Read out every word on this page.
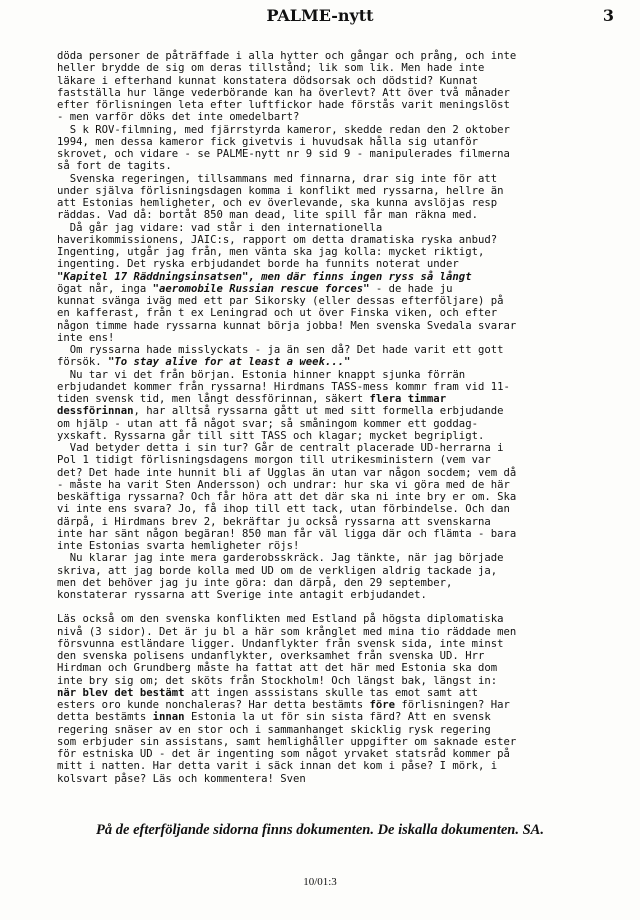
PALME-nytt	3
döda personer de påträffade i alla hytter och gångar och prång, och inte
heller brydde de sig om deras tillstånd; lik som lik. Men hade inte
läkare i efterhand kunnat konstatera dödsorsak och dödstid? Kunnat
fastställa hur länge vederbörande kan ha överlevt? Att över två månader
efter förlisningen leta efter luftfickor hade förstås varit meningslöst
- men varför döks det inte omedelbart?
S k ROV-filmning, med fjärrstyrda kameror, skedde redan den 2 oktober
1994, men dessa kameror fick givetvis i huvudsak hålla sig utanför
skrovet, och vidare - se PALME-nytt nr 9 sid 9 - manipulerades filmerna
så fort de tagits.
Svenska regeringen, tillsammans med finnarna, drar sig inte för att
under själva förlisningsdagen komma i konflikt med ryssarna, hellre än
att Estonias hemligheter, och ev överlevande, ska kunna avslöjas resp
räddas. Vad då: bortåt 850 man dead, lite spill får man räkna med.
Då går jag vidare: vad står i den internationella
haverikommissionens, JAIC:s, rapport om detta dramatiska ryska anbud?
Ingenting, utgår jag från, men vänta ska jag kolla: mycket riktigt,
ingenting. Det ryska erbjudandet borde ha funnits noterat under
"Kapitel 17 Räddningsinsatsen", men där finns ingen ryss så långt
ögat når, inga "aeromobile Russian rescue forces" - de hade ju
kunnat svänga iväg med ett par Sikorsky (eller dessas efterföljare) på
en kafferast, från t ex Leningrad och ut över Finska viken, och efter
någon timme hade ryssarna kunnat börja jobba! Men svenska Svedala svarar
inte ens!
Om ryssarna hade misslyckats - ja än sen då? Det hade varit ett gott
försök. "To stay alive for at least a week..."
Nu tar vi det från början. Estonia hinner knappt sjunka förrän
erbjudandet kommer från ryssarna! Hirdmans TASS-mess kommr fram vid 11-
tiden svensk tid, men långt dessförinnan, säkert flera timmar
dessförinnan, har alltså ryssarna gått ut med sitt formella erbjudande
om hjälp - utan att få något svar; så småningom kommer ett goddag-
yxskaft. Ryssarna går till sitt TASS och klagar; mycket begripligt.
Vad betyder detta i sin tur? Går de centralt placerade UD-herrarna i
Pol 1 tidigt förlisningsdagens morgon till utrikesministern (vem var
det? Det hade inte hunnit bli af Ugglas än utan var någon socdem; vem då
- måste ha varit Sten Andersson) och undrar: hur ska vi göra med de här
beskäftiga ryssarna? Och får höra att det där ska ni inte bry er om. Ska
vi inte ens svara? Jo, få ihop till ett tack, utan förbindelse. Och dan
därpå, i Hirdmans brev 2, bekräftar ju också ryssarna att svenskarna
inte har sänt någon begäran! 850 man får väl ligga där och flämta - bara
inte Estonias svarta hemligheter röjs!
Nu klarar jag inte mera garderobsskräck. Jag tänkte, när jag började
skriva, att jag borde kolla med UD om de verkligen aldrig tackade ja,
men det behöver jag ju inte göra: dan därpå, den 29 september,
konstaterar ryssarna att Sverige inte antagit erbjudandet.
Läs också om den svenska konflikten med Estland på högsta diplomatiska
nivå (3 sidor). Det är ju bl a här som krånglet med mina tio räddade men
försvunna estländare ligger. Undanflykter från svensk sida, inte minst
den svenska polisens undanflykter, overksamhet från svenska UD. Hrr
Hirdman och Grundberg måste ha fattat att det här med Estonia ska dom
inte bry sig om; det sköts från Stockholm! Och längst bak, längst in:
när blev det bestämt att ingen asssistans skulle tas emot samt att
esters oro kunde nonchaleras? Har detta bestämts före förlisningen? Har
detta bestämts innan Estonia la ut för sin sista färd? Att en svensk
regering snäser av en stor och i sammanhanget skicklig rysk regering
som erbjuder sin assistans, samt hemlighåller uppgifter om saknade ester
för estniska UD - det är ingenting som något yrvaket statsråd kommer på
mitt i natten. Har detta varit i säck innan det kom i påse? I mörk, i
kolsvart påse? Läs och kommentera! Sven
På de efterföljande sidorna finns dokumenten. De iskalla dokumenten. SA.
10/01:3
